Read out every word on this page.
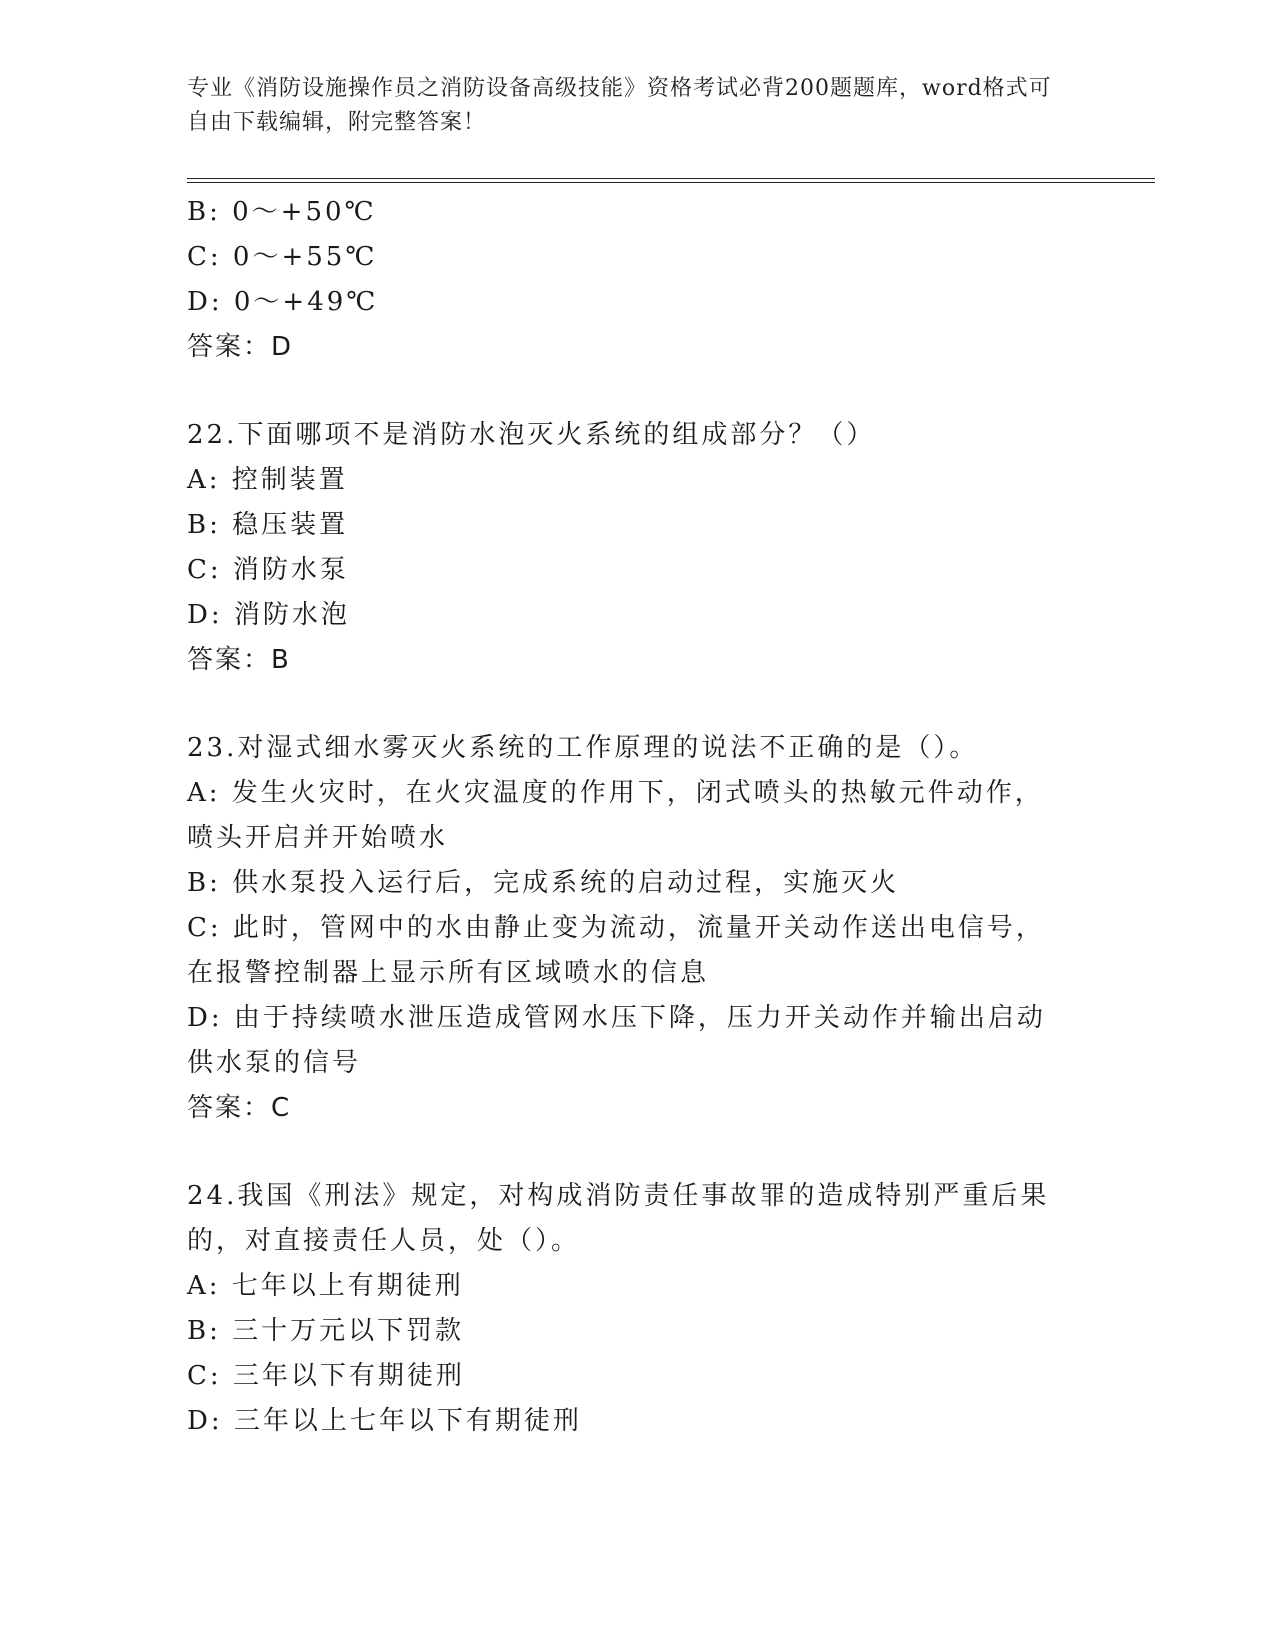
专业《消防设施操作员之消防设备高级技能》资格考试必背200题题库，word格式可自由下载编辑，附完整答案！

B: 0～+50℃

C: 0～+55℃

D: 0～+49℃

答案：D

22.下面哪项不是消防水泡灭火系统的组成部分？（）

A: 控制装置

B: 稳压装置

C: 消防水泵

D: 消防水泡

答案：B

23.对湿式细水雾灭火系统的工作原理的说法不正确的是（）。

A: 发生火灾时，在火灾温度的作用下，闭式喷头的热敏元件动作，喷头开启并开始喷水

B: 供水泵投入运行后，完成系统的启动过程，实施灭火

C: 此时，管网中的水由静止变为流动，流量开关动作送出电信号，在报警控制器上显示所有区域喷水的信息

D: 由于持续喷水泄压造成管网水压下降，压力开关动作并输出启动供水泵的信号

答案：C

24.我国《刑法》规定，对构成消防责任事故罪的造成特别严重后果的，对直接责任人员，处（）。

A: 七年以上有期徒刑

B: 三十万元以下罚款

C: 三年以下有期徒刑

D: 三年以上七年以下有期徒刑
